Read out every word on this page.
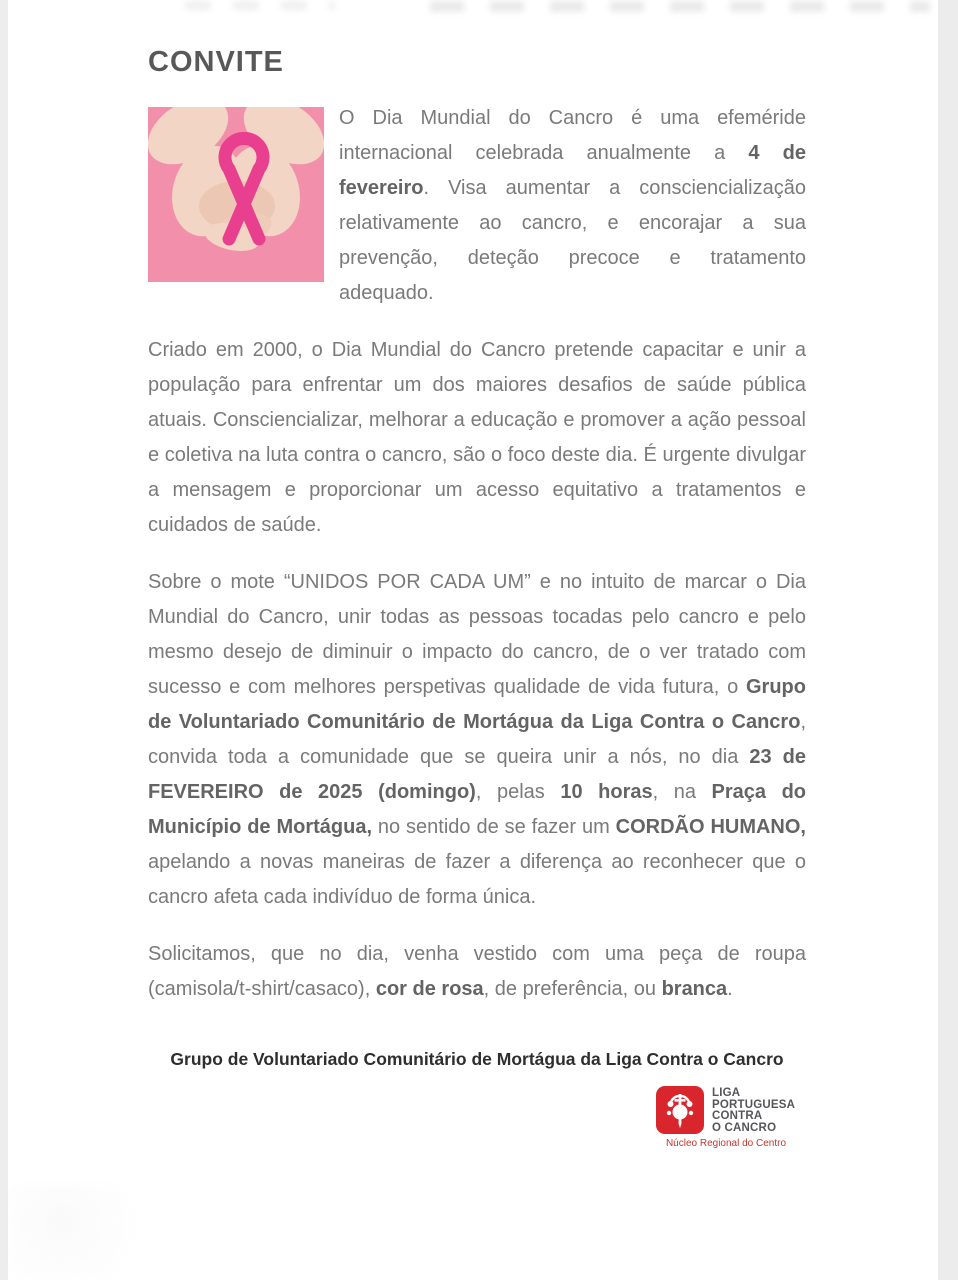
CONVITE

O Dia Mundial do Cancro é uma efeméride internacional celebrada anualmente a 4 de fevereiro. Visa aumentar a consciencialização relativamente ao cancro, e encorajar a sua prevenção, deteção precoce e tratamento adequado.

Criado em 2000, o Dia Mundial do Cancro pretende capacitar e unir a população para enfrentar um dos maiores desafios de saúde pública atuais. Consciencializar, melhorar a educação e promover a ação pessoal e coletiva na luta contra o cancro, são o foco deste dia. É urgente divulgar a mensagem e proporcionar um acesso equitativo a tratamentos e cuidados de saúde.

Sobre o mote “UNIDOS POR CADA UM” e no intuito de marcar o Dia Mundial do Cancro, unir todas as pessoas tocadas pelo cancro e pelo mesmo desejo de diminuir o impacto do cancro, de o ver tratado com sucesso e com melhores perspetivas qualidade de vida futura, o Grupo de Voluntariado Comunitário de Mortágua da Liga Contra o Cancro, convida toda a comunidade que se queira unir a nós, no dia 23 de FEVEREIRO de 2025 (domingo), pelas 10 horas, na Praça do Município de Mortágua, no sentido de se fazer um CORDÃO HUMANO, apelando a novas maneiras de fazer a diferença ao reconhecer que o cancro afeta cada indivíduo de forma única.

Solicitamos, que no dia, venha vestido com uma peça de roupa (camisola/t-shirt/casaco), cor de rosa, de preferência, ou branca.

Grupo de Voluntariado Comunitário de Mortágua da Liga Contra o Cancro
LIGA
PORTUGUESA
CONTRA
O CANCRO
Núcleo Regional do Centro
